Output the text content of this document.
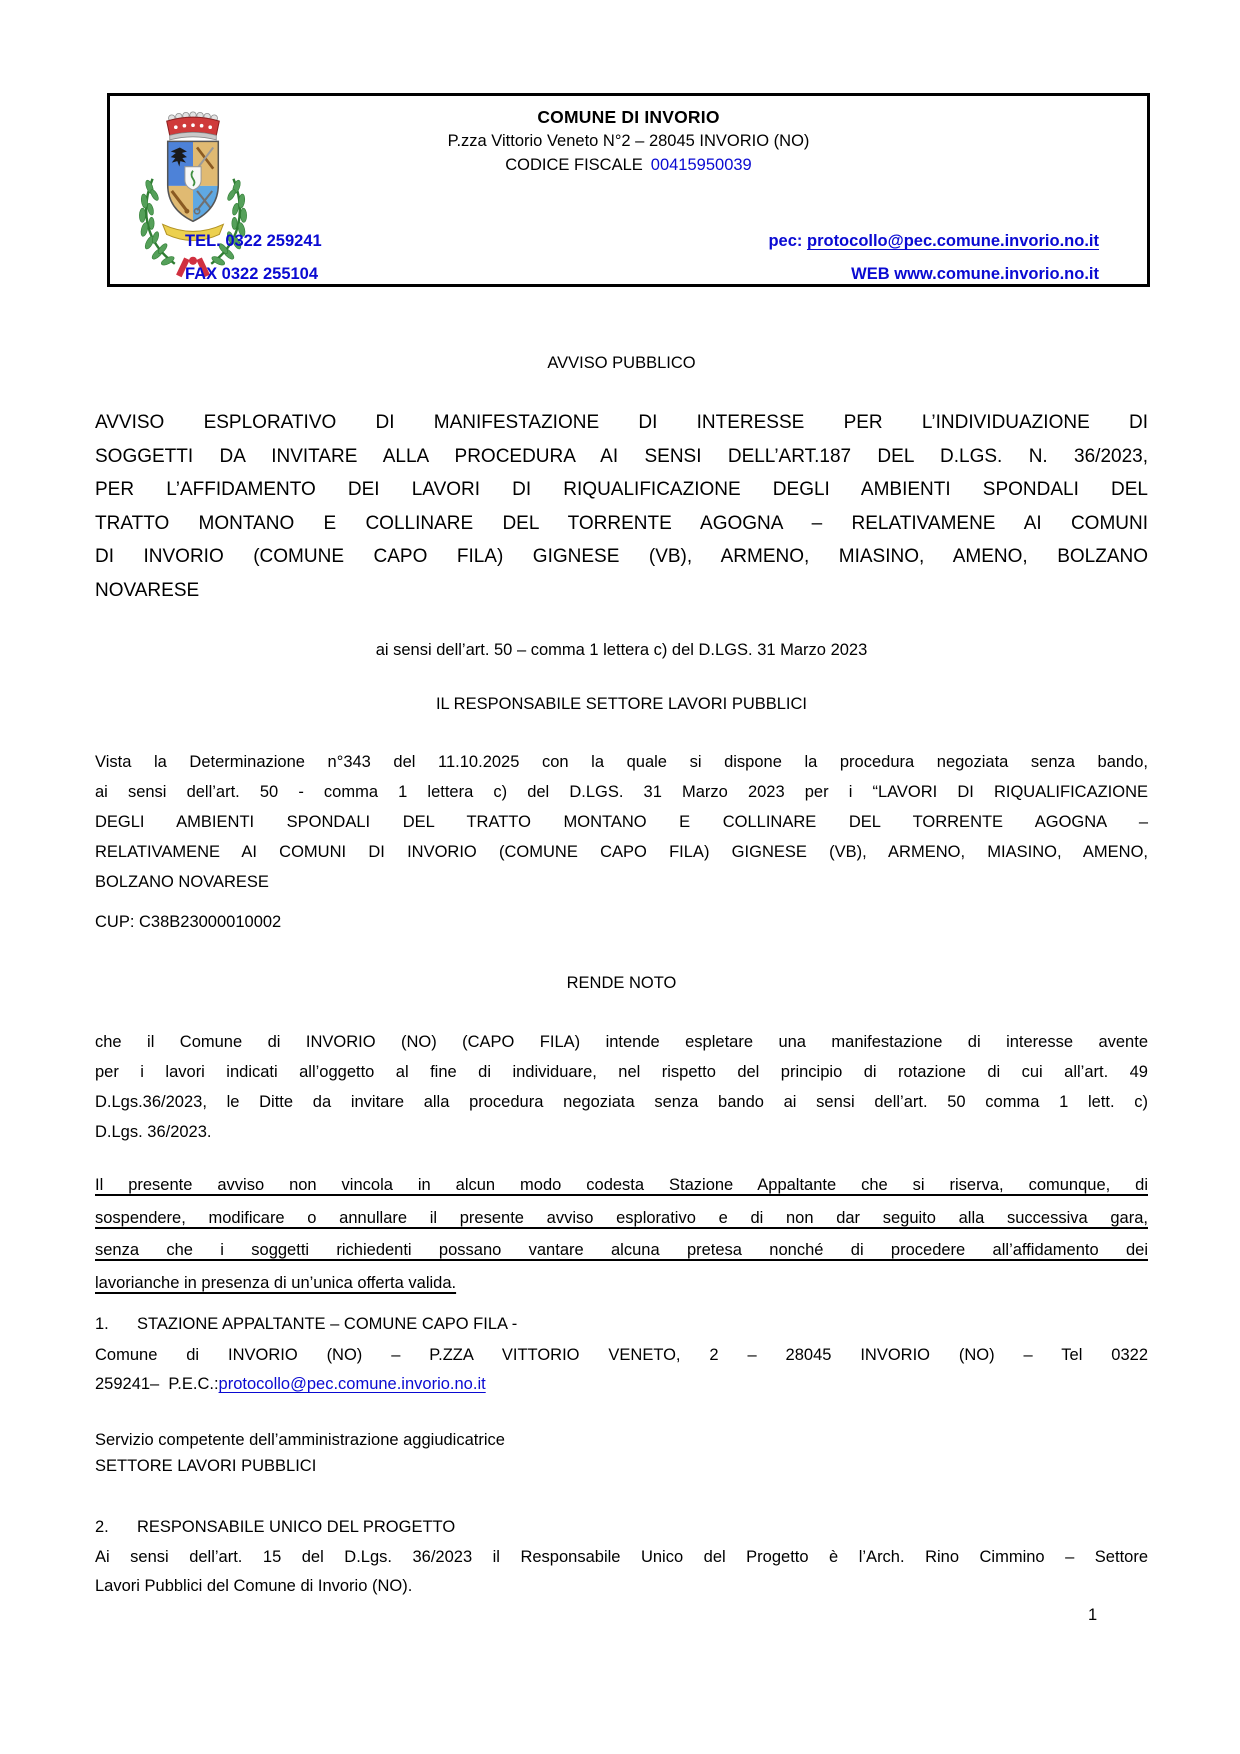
COMUNE DI INVORIO
P.zza Vittorio Veneto N°2 – 28045 INVORIO (NO)
CODICE FISCALE 00415950039
TEL. 0322 259241
FAX 0322 255104
pec: protocollo@pec.comune.invorio.no.it
WEB www.comune.invorio.no.it
AVVISO PUBBLICO
AVVISO ESPLORATIVO DI MANIFESTAZIONE DI INTERESSE PER L’INDIVIDUAZIONE DI
SOGGETTI DA INVITARE ALLA PROCEDURA AI SENSI DELL’ART.187 DEL D.LGS. N. 36/2023,
PER L’AFFIDAMENTO DEI LAVORI DI RIQUALIFICAZIONE DEGLI AMBIENTI SPONDALI DEL
TRATTO MONTANO E COLLINARE DEL TORRENTE AGOGNA – RELATIVAMENE AI COMUNI
DI INVORIO (COMUNE CAPO FILA) GIGNESE (VB), ARMENO, MIASINO, AMENO, BOLZANO
NOVARESE
ai sensi dell’art. 50 – comma 1 lettera c) del D.LGS. 31 Marzo 2023
IL RESPONSABILE SETTORE LAVORI PUBBLICI
Vista la Determinazione n°343 del 11.10.2025 con la quale si dispone la procedura negoziata senza bando,
ai sensi dell’art. 50 - comma 1 lettera c) del D.LGS. 31 Marzo 2023 per i “LAVORI DI RIQUALIFICAZIONE
DEGLI AMBIENTI SPONDALI DEL TRATTO MONTANO E COLLINARE DEL TORRENTE AGOGNA –
RELATIVAMENE AI COMUNI DI INVORIO (COMUNE CAPO FILA) GIGNESE (VB), ARMENO, MIASINO, AMENO,
BOLZANO NOVARESE
CUP: C38B23000010002
RENDE NOTO
che il Comune di INVORIO (NO) (CAPO FILA) intende espletare una manifestazione di interesse avente
per i lavori indicati all’oggetto al fine di individuare, nel rispetto del principio di rotazione di cui all’art. 49
D.Lgs.36/2023, le Ditte da invitare alla procedura negoziata senza bando ai sensi dell’art. 50 comma 1 lett. c)
D.Lgs. 36/2023.
Il presente avviso non vincola in alcun modo codesta Stazione Appaltante che si riserva, comunque, di
sospendere, modificare o annullare il presente avviso esplorativo e di non dar seguito alla successiva gara,
senza che i soggetti richiedenti possano vantare alcuna pretesa nonché di procedere all’affidamento dei
lavorianche in presenza di un’unica offerta valida.
1. STAZIONE APPALTANTE – COMUNE CAPO FILA -
Comune di INVORIO (NO) – P.ZZA VITTORIO VENETO, 2 – 28045 INVORIO (NO) – Tel 0322
259241–  P.E.C.:protocollo@pec.comune.invorio.no.it
Servizio competente dell’amministrazione aggiudicatrice
SETTORE LAVORI PUBBLICI
2. RESPONSABILE UNICO DEL PROGETTO
Ai sensi dell’art. 15 del D.Lgs. 36/2023 il Responsabile Unico del Progetto è l’Arch. Rino Cimmino – Settore
Lavori Pubblici del Comune di Invorio (NO).
1
